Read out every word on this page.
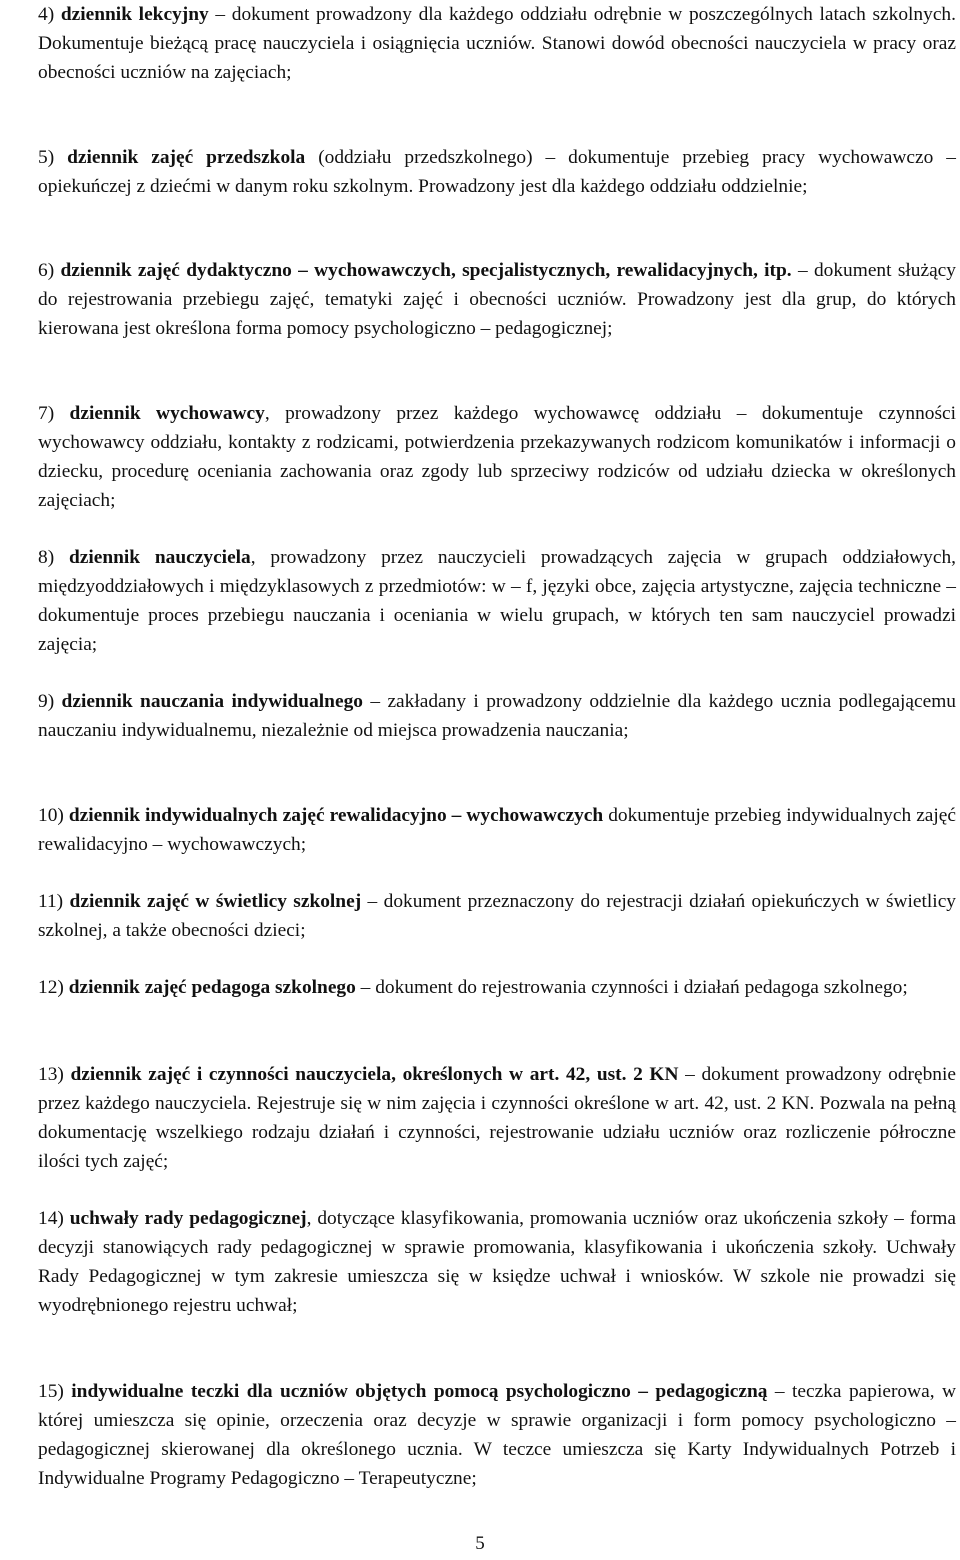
4) dziennik lekcyjny – dokument prowadzony dla każdego oddziału odrębnie w poszczególnych latach szkolnych. Dokumentuje bieżącą pracę nauczyciela i osiągnięcia uczniów. Stanowi dowód obecności nauczyciela w pracy oraz obecności uczniów na zajęciach;
5) dziennik zajęć przedszkola (oddziału przedszkolnego) – dokumentuje przebieg pracy wychowawczo – opiekuńczej z dziećmi w danym roku szkolnym. Prowadzony jest dla każdego oddziału oddzielnie;
6) dziennik zajęć dydaktyczno – wychowawczych, specjalistycznych, rewalidacyjnych, itp. – dokument służący do rejestrowania przebiegu zajęć, tematyki zajęć i obecności uczniów. Prowadzony jest dla grup, do których kierowana jest określona forma pomocy psychologiczno – pedagogicznej;
7) dziennik wychowawcy, prowadzony przez każdego wychowawcę oddziału – dokumentuje czynności wychowawcy oddziału, kontakty z rodzicami, potwierdzenia przekazywanych rodzicom komunikatów i informacji o dziecku, procedurę oceniania zachowania oraz zgody lub sprzeciwy rodziców od udziału dziecka w określonych zajęciach;
8) dziennik nauczyciela, prowadzony przez nauczycieli prowadzących zajęcia w grupach oddziałowych, międzyoddziałowych i międzyklasowych z przedmiotów: w – f, języki obce, zajęcia artystyczne, zajęcia techniczne – dokumentuje proces przebiegu nauczania i oceniania w wielu grupach, w których ten sam nauczyciel prowadzi zajęcia;
9) dziennik nauczania indywidualnego – zakładany i prowadzony oddzielnie dla każdego ucznia podlegającemu nauczaniu indywidualnemu, niezależnie od miejsca prowadzenia nauczania;
10) dziennik indywidualnych zajęć rewalidacyjno – wychowawczych dokumentuje przebieg indywidualnych zajęć rewalidacyjno – wychowawczych;
11) dziennik zajęć w świetlicy szkolnej – dokument przeznaczony do rejestracji działań opiekuńczych w świetlicy szkolnej, a także obecności dzieci;
12) dziennik zajęć pedagoga szkolnego – dokument do rejestrowania czynności i działań pedagoga szkolnego;
13) dziennik zajęć i czynności nauczyciela, określonych w art. 42, ust. 2 KN – dokument prowadzony odrębnie przez każdego nauczyciela. Rejestruje się w nim zajęcia i czynności określone w art. 42, ust. 2 KN. Pozwala na pełną dokumentację wszelkiego rodzaju działań i czynności, rejestrowanie udziału uczniów oraz rozliczenie półroczne ilości tych zajęć;
14) uchwały rady pedagogicznej, dotyczące klasyfikowania, promowania uczniów oraz ukończenia szkoły – forma decyzji stanowiących rady pedagogicznej w sprawie promowania, klasyfikowania i ukończenia szkoły. Uchwały Rady Pedagogicznej w tym zakresie umieszcza się w księdze uchwał i wniosków. W szkole nie prowadzi się wyodrębnionego rejestru uchwał;
15) indywidualne teczki dla uczniów objętych pomocą psychologiczno – pedagogiczną – teczka papierowa, w której umieszcza się opinie, orzeczenia oraz decyzje w sprawie organizacji i form pomocy psychologiczno – pedagogicznej skierowanej dla określonego ucznia. W teczce umieszcza się Karty Indywidualnych Potrzeb i Indywidualne Programy Pedagogiczno – Terapeutyczne;
5
